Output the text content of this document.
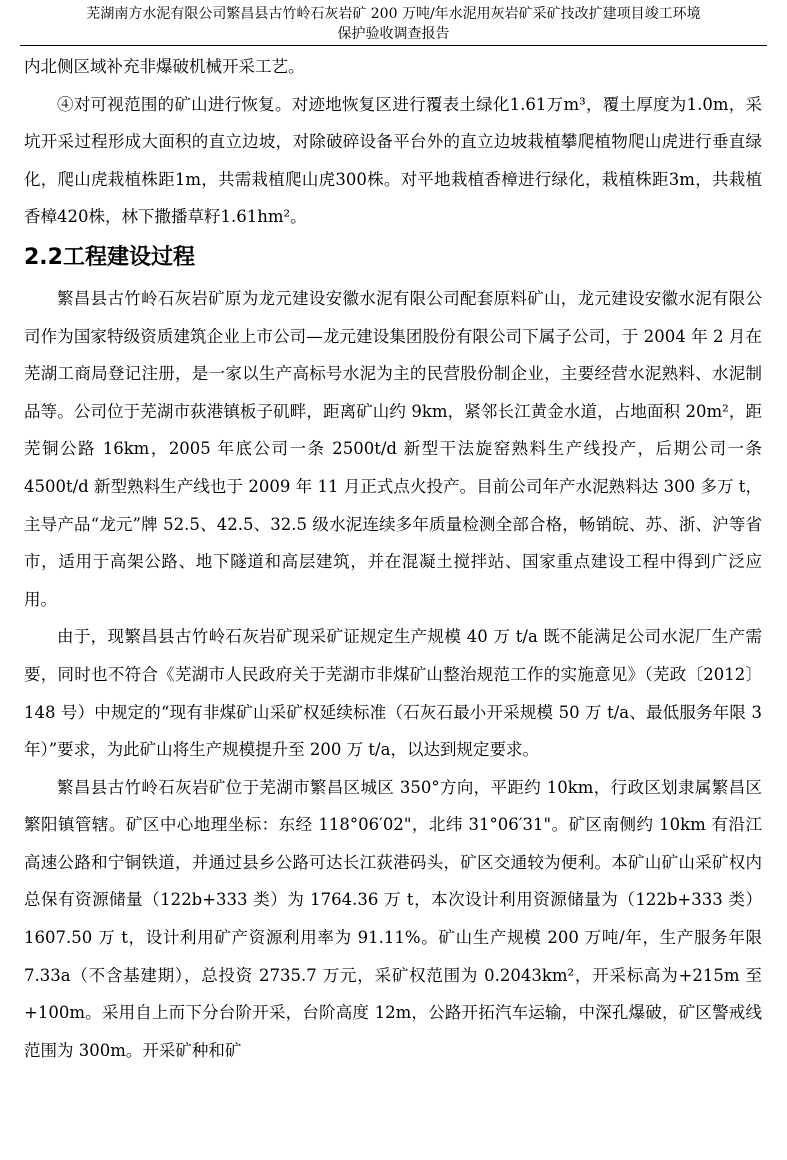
芜湖南方水泥有限公司繁昌县古竹岭石灰岩矿 200 万吨/年水泥用灰岩矿采矿技改扩建项目竣工环境
保护验收调查报告

内北侧区域补充非爆破机械开采工艺。

④对可视范围的矿山进行恢复。对迹地恢复区进行覆表土绿化1.61万m³，覆土厚度为1.0m，采坑开采过程形成大面积的直立边坡，对除破碎设备平台外的直立边坡栽植攀爬植物爬山虎进行垂直绿化，爬山虎栽植株距1m，共需栽植爬山虎300株。对平地栽植香樟进行绿化，栽植株距3m，共栽植香樟420株，林下撒播草籽1.61hm²。

2.2工程建设过程

繁昌县古竹岭石灰岩矿原为龙元建设安徽水泥有限公司配套原料矿山，龙元建设安徽水泥有限公司作为国家特级资质建筑企业上市公司—龙元建设集团股份有限公司下属子公司，于 2004 年 2 月在芜湖工商局登记注册，是一家以生产高标号水泥为主的民营股份制企业，主要经营水泥熟料、水泥制品等。公司位于芜湖市荻港镇板子矶畔，距离矿山约 9km，紧邻长江黄金水道，占地面积 20m²，距芜铜公路 16km，2005 年底公司一条 2500t/d 新型干法旋窑熟料生产线投产，后期公司一条 4500t/d 新型熟料生产线也于 2009 年 11 月正式点火投产。目前公司年产水泥熟料达 300 多万 t，主导产品“龙元”牌 52.5、42.5、32.5 级水泥连续多年质量检测全部合格，畅销皖、苏、浙、沪等省市，适用于高架公路、地下隧道和高层建筑，并在混凝土搅拌站、国家重点建设工程中得到广泛应用。

由于，现繁昌县古竹岭石灰岩矿现采矿证规定生产规模 40 万 t/a 既不能满足公司水泥厂生产需要，同时也不符合《芜湖市人民政府关于芜湖市非煤矿山整治规范工作的实施意见》（芜政〔2012〕148 号）中规定的“现有非煤矿山采矿权延续标准（石灰石最小开采规模 50 万 t/a、最低服务年限 3 年）”要求，为此矿山将生产规模提升至 200 万 t/a，以达到规定要求。

繁昌县古竹岭石灰岩矿位于芜湖市繁昌区城区 350°方向，平距约 10km，行政区划隶属繁昌区繁阳镇管辖。矿区中心地理坐标：东经 118°06′02"，北纬 31°06′31"。矿区南侧约 10km 有沿江高速公路和宁铜铁道，并通过县乡公路可达长江荻港码头，矿区交通较为便利。本矿山矿山采矿权内总保有资源储量（122b+333 类）为 1764.36 万 t，本次设计利用资源储量为（122b+333 类）1607.50 万 t，设计利用矿产资源利用率为 91.11%。矿山生产规模 200 万吨/年，生产服务年限 7.33a（不含基建期），总投资 2735.7 万元，采矿权范围为 0.2043km²，开采标高为+215m 至+100m。采用自上而下分台阶开采，台阶高度 12m，公路开拓汽车运输，中深孔爆破，矿区警戒线范围为 300m。开采矿种和矿
